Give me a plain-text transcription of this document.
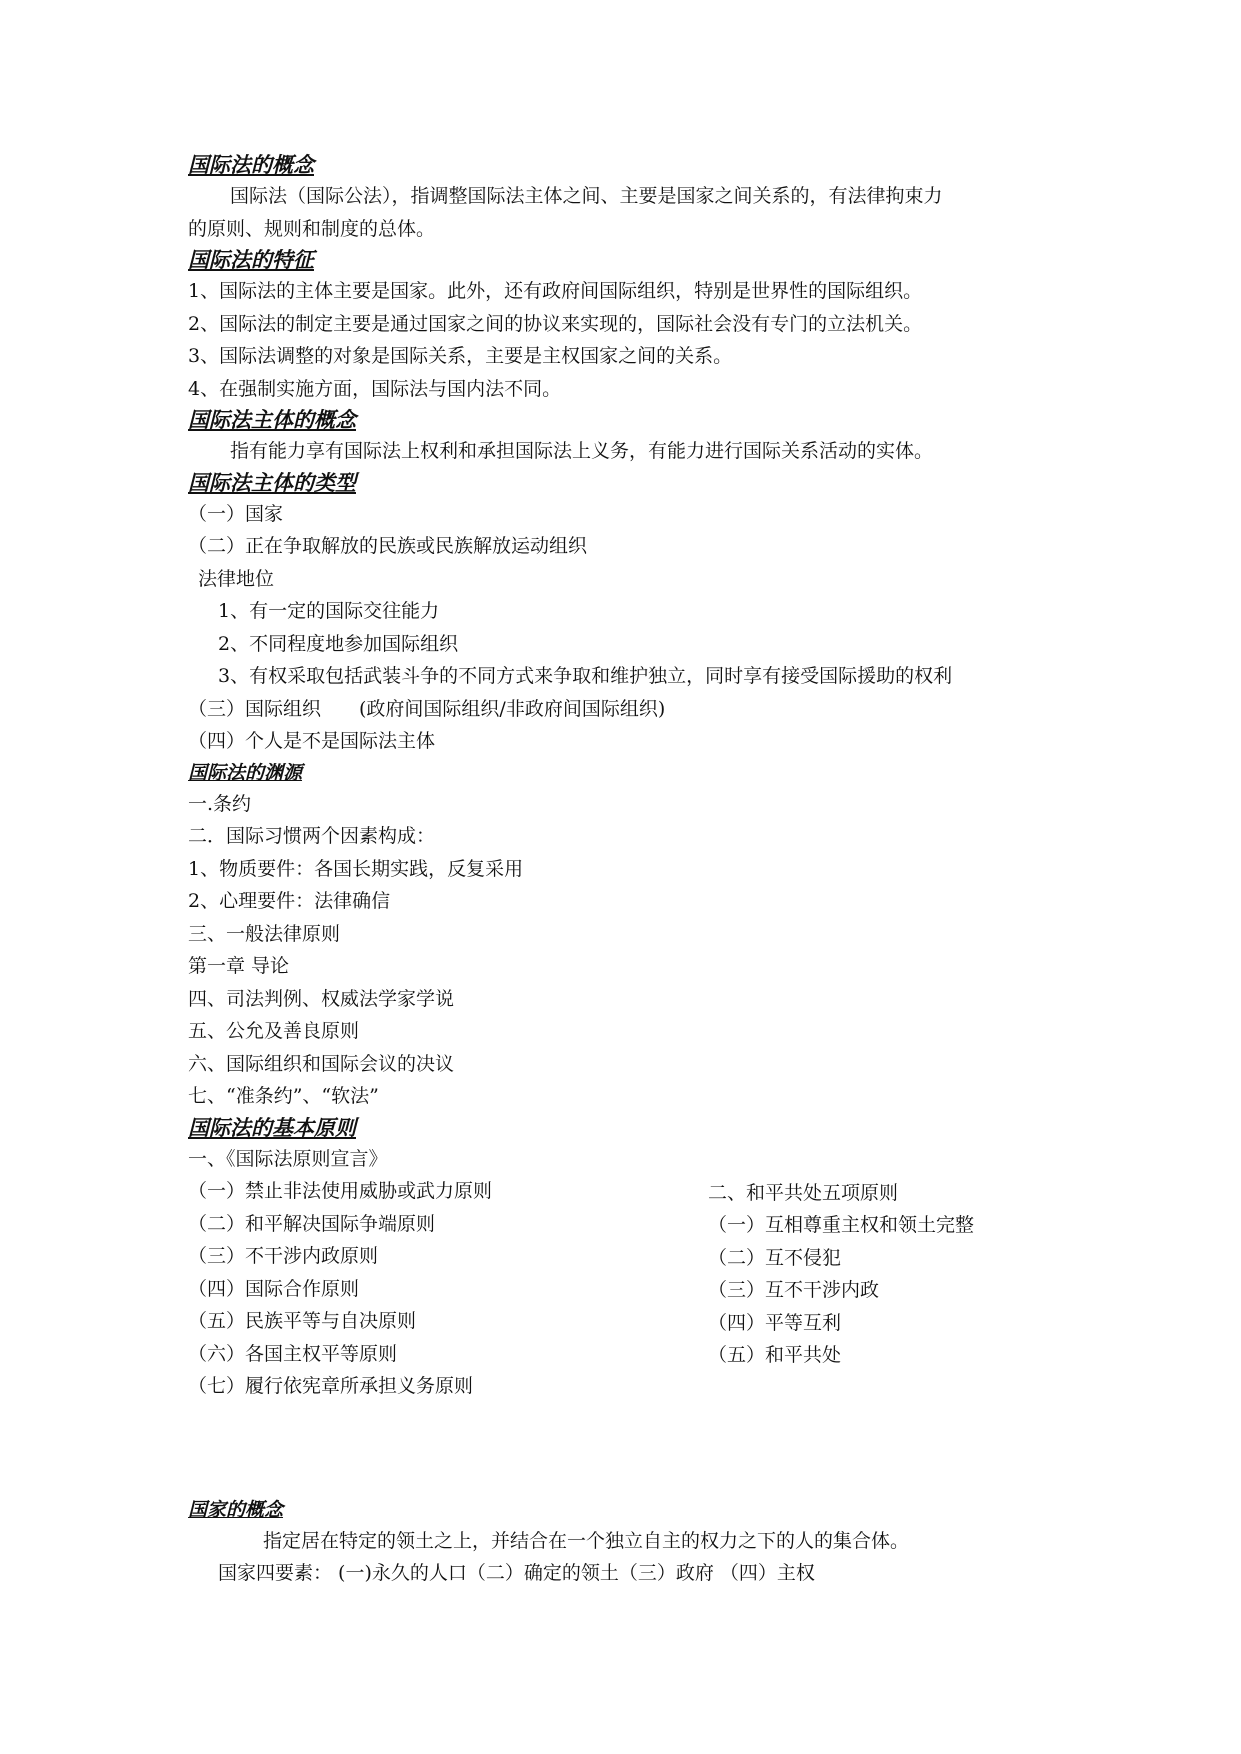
国际法的概念

国际法（国际公法），指调整国际法主体之间、主要是国家之间关系的，有法律拘束力

的原则、规则和制度的总体。

国际法的特征

1、国际法的主体主要是国家。此外，还有政府间国际组织，特别是世界性的国际组织。

2、国际法的制定主要是通过国家之间的协议来实现的，国际社会没有专门的立法机关。

3、国际法调整的对象是国际关系，主要是主权国家之间的关系。

4、在强制实施方面，国际法与国内法不同。

国际法主体的概念

指有能力享有国际法上权利和承担国际法上义务，有能力进行国际关系活动的实体。

国际法主体的类型

（一）国家

（二）正在争取解放的民族或民族解放运动组织

法律地位

1、有一定的国际交往能力

2、不同程度地参加国际组织

3、有权采取包括武装斗争的不同方式来争取和维护独立，同时享有接受国际援助的权利

（三）国际组织　　(政府间国际组织/非政府间国际组织)

（四）个人是不是国际法主体

国际法的渊源

一.条约

二．国际习惯两个因素构成：

1、物质要件：各国长期实践，反复采用

2、心理要件：法律确信

三、一般法律原则

第一章 导论

四、司法判例、权威法学家学说

五、公允及善良原则

六、国际组织和国际会议的决议

七、“准条约”、“软法”

国际法的基本原则

一、《国际法原则宣言》

（一）禁止非法使用威胁或武力原则

（二）和平解决国际争端原则

（三）不干涉内政原则

（四）国际合作原则

（五）民族平等与自决原则

（六）各国主权平等原则

（七）履行依宪章所承担义务原则

二、和平共处五项原则

（一）互相尊重主权和领土完整

（二）互不侵犯

（三）互不干涉内政

（四）平等互利

（五）和平共处

国家的概念

指定居在特定的领土之上，并结合在一个独立自主的权力之下的人的集合体。

国家四要素： (一)永久的人口（二）确定的领土（三）政府 （四）主权
